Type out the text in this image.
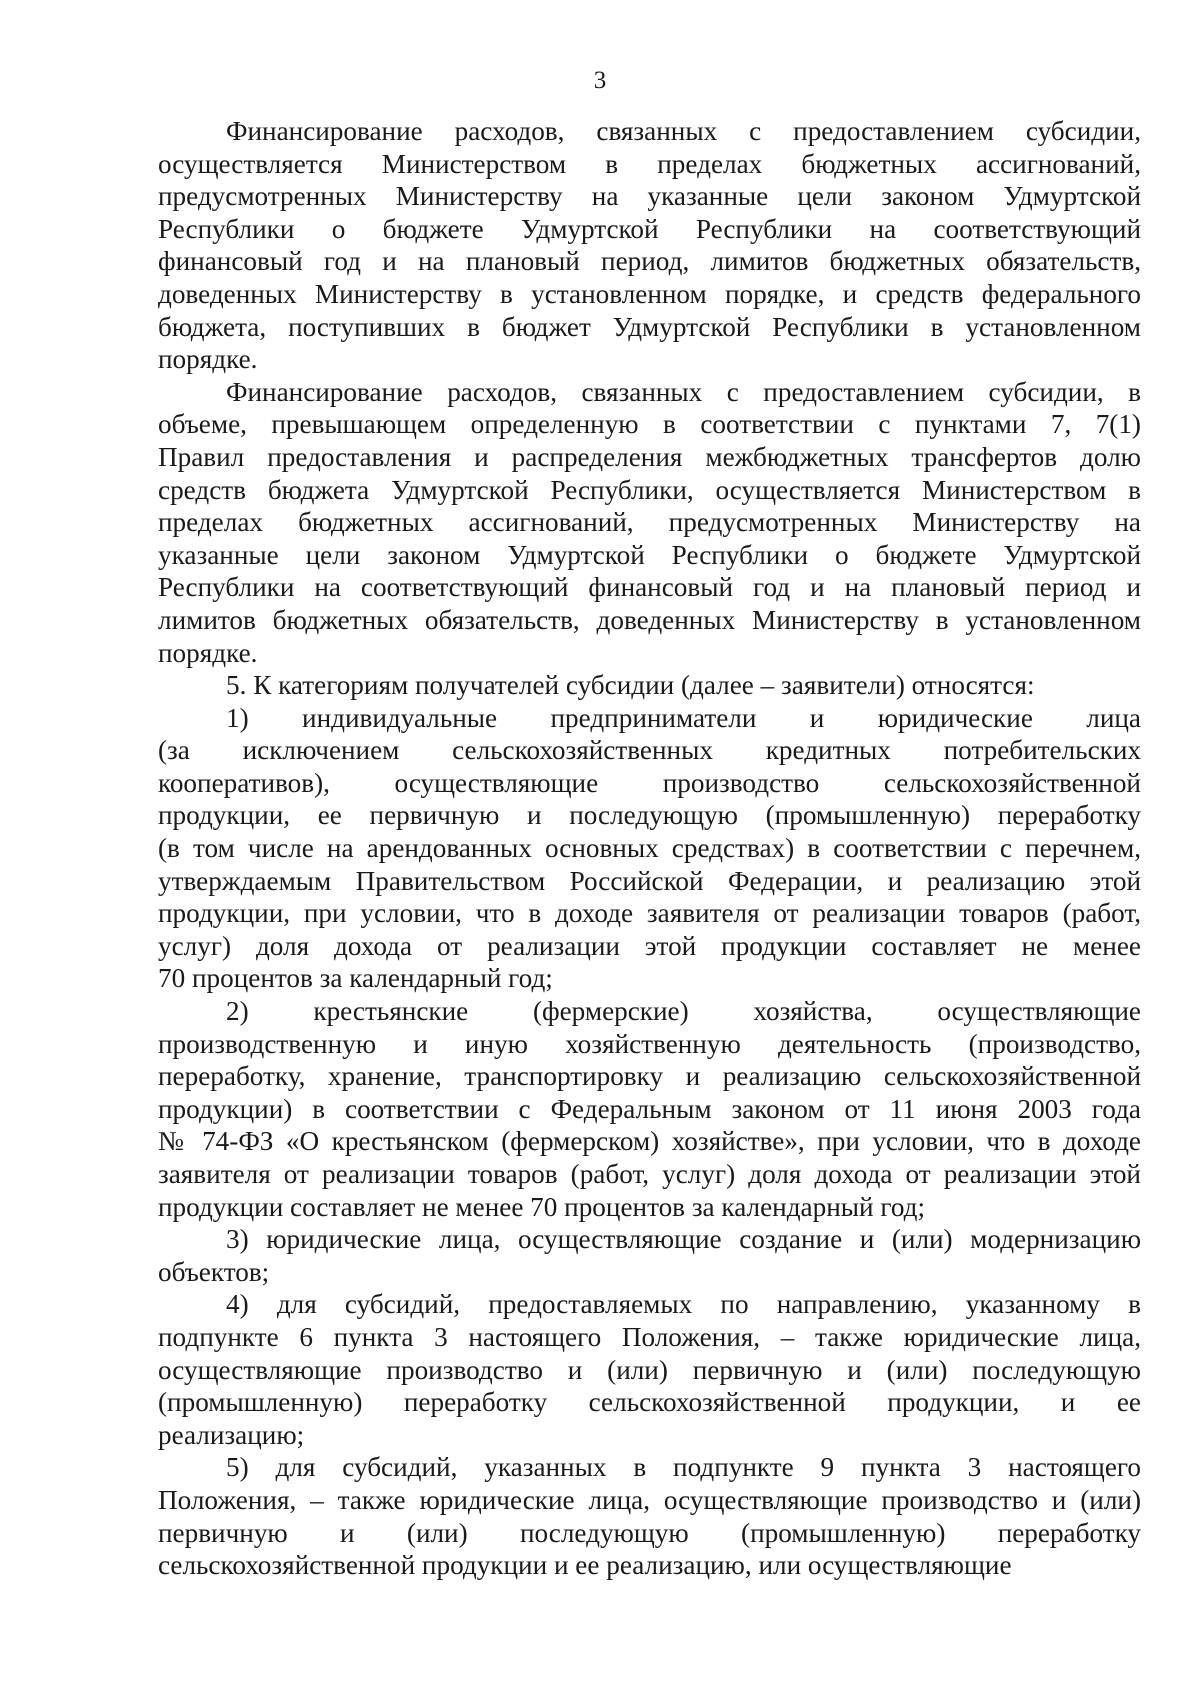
3
Финансирование расходов, связанных с предоставлением субсидии,
осуществляется Министерством в пределах бюджетных ассигнований,
предусмотренных Министерству на указанные цели законом Удмуртской
Республики о бюджете Удмуртской Республики на соответствующий
финансовый год и на плановый период, лимитов бюджетных обязательств,
доведенных Министерству в установленном порядке, и средств федерального
бюджета, поступивших в бюджет Удмуртской Республики в установленном
порядке.
Финансирование расходов, связанных с предоставлением субсидии, в
объеме, превышающем определенную в соответствии с пунктами 7, 7(1)
Правил предоставления и распределения межбюджетных трансфертов долю
средств бюджета Удмуртской Республики, осуществляется Министерством в
пределах бюджетных ассигнований, предусмотренных Министерству на
указанные цели законом Удмуртской Республики о бюджете Удмуртской
Республики на соответствующий финансовый год и на плановый период и
лимитов бюджетных обязательств, доведенных Министерству в установленном
порядке.
5. К категориям получателей субсидии (далее – заявители) относятся:
1) индивидуальные предприниматели и юридические лица
(за исключением сельскохозяйственных кредитных потребительских
кооперативов), осуществляющие производство сельскохозяйственной
продукции, ее первичную и последующую (промышленную) переработку
(в том числе на арендованных основных средствах) в соответствии с перечнем,
утверждаемым Правительством Российской Федерации, и реализацию этой
продукции, при условии, что в доходе заявителя от реализации товаров (работ,
услуг) доля дохода от реализации этой продукции составляет не менее
70 процентов за календарный год;
2) крестьянские (фермерские) хозяйства, осуществляющие
производственную и иную хозяйственную деятельность (производство,
переработку, хранение, транспортировку и реализацию сельскохозяйственной
продукции) в соответствии с Федеральным законом от 11 июня 2003 года
№ 74-ФЗ «О крестьянском (фермерском) хозяйстве», при условии, что в доходе
заявителя от реализации товаров (работ, услуг) доля дохода от реализации этой
продукции составляет не менее 70 процентов за календарный год;
3) юридические лица, осуществляющие создание и (или) модернизацию
объектов;
4) для субсидий, предоставляемых по направлению, указанному в
подпункте 6 пункта 3 настоящего Положения, – также юридические лица,
осуществляющие производство и (или) первичную и (или) последующую
(промышленную) переработку сельскохозяйственной продукции, и ее
реализацию;
5) для субсидий, указанных в подпункте 9 пункта 3 настоящего
Положения, – также юридические лица, осуществляющие производство и (или)
первичную и (или) последующую (промышленную) переработку
сельскохозяйственной продукции и ее реализацию, или осуществляющие
